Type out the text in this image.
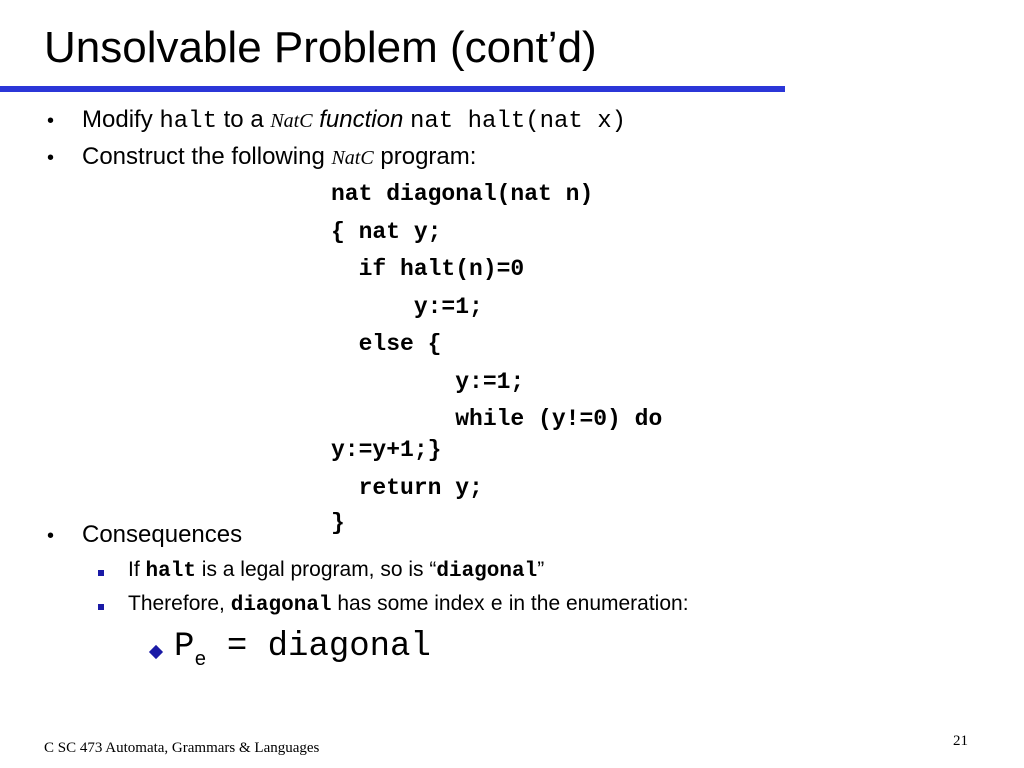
Unsolvable Problem (cont’d)
• Modify halt to a NatC function nat halt(nat x)
• Construct the following NatC program:
nat diagonal(nat n)
{ nat y;
if halt(n)=0
y:=1;
else {
y:=1;
while (y!=0) do
y:=y+1;}
return y;
}
• Consequences
If halt is a legal program, so is “diagonal”
Therefore, diagonal has some index e in the enumeration:
$P_e$ = diagonal
C SC 473 Automata, Grammars & Languages	21
